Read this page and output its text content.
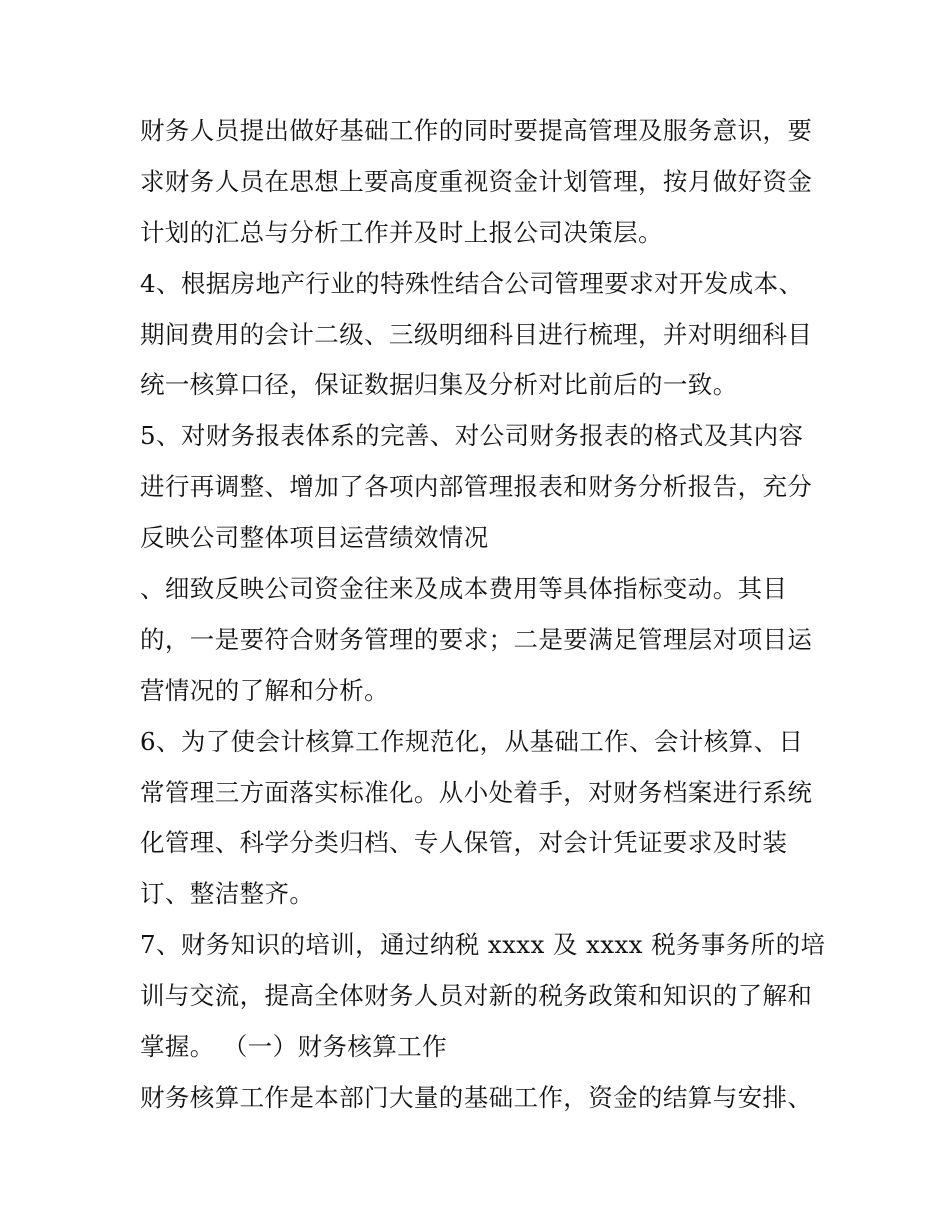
财务人员提出做好基础工作的同时要提高管理及服务意识，要
求财务人员在思想上要高度重视资金计划管理，按月做好资金
计划的汇总与分析工作并及时上报公司决策层。
4、根据房地产行业的特殊性结合公司管理要求对开发成本、
期间费用的会计二级、三级明细科目进行梳理，并对明细科目
统一核算口径，保证数据归集及分析对比前后的一致。
5、对财务报表体系的完善、对公司财务报表的格式及其内容
进行再调整、增加了各项内部管理报表和财务分析报告，充分
反映公司整体项目运营绩效情况
、细致反映公司资金往来及成本费用等具体指标变动。其目
的，一是要符合财务管理的要求；二是要满足管理层对项目运
营情况的了解和分析。
6、为了使会计核算工作规范化，从基础工作、会计核算、日
常管理三方面落实标准化。从小处着手，对财务档案进行系统
化管理、科学分类归档、专人保管，对会计凭证要求及时装
订、整洁整齐。
7、财务知识的培训，通过纳税 xxxx 及 xxxx 税务事务所的培
训与交流，提高全体财务人员对新的税务政策和知识的了解和
掌握。 （一）财务核算工作
财务核算工作是本部门大量的基础工作，资金的结算与安排、
